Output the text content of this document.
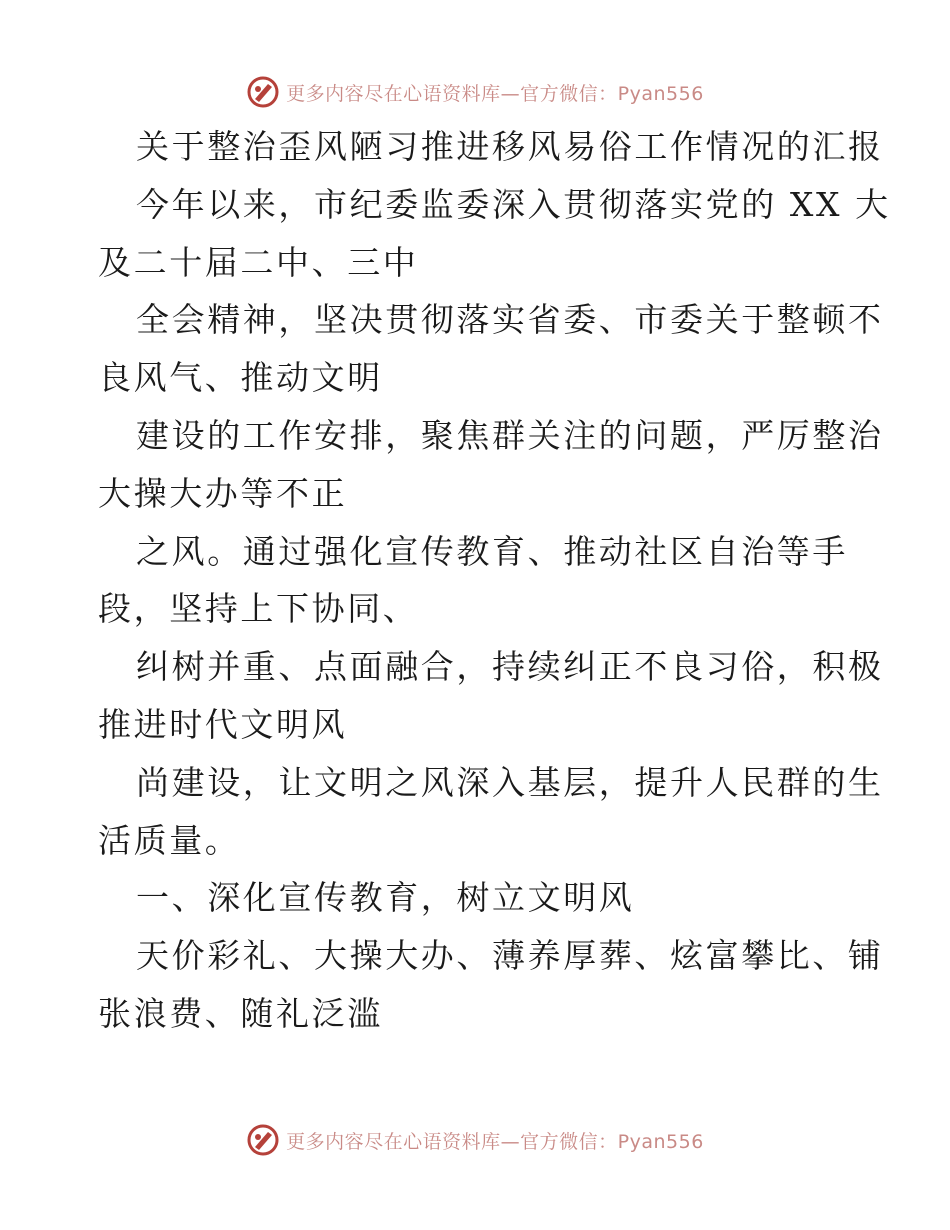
更多内容尽在心语资料库—官方微信：Pyan556
关于整治歪风陋习推进移风易俗工作情况的汇报
今年以来，市纪委监委深入贯彻落实党的 XX 大
及二十届二中、三中
全会精神，坚决贯彻落实省委、市委关于整顿不
良风气、推动文明
建设的工作安排，聚焦群关注的问题，严厉整治
大操大办等不正
之风。通过强化宣传教育、推动社区自治等手
段，坚持上下协同、
纠树并重、点面融合，持续纠正不良习俗，积极
推进时代文明风
尚建设，让文明之风深入基层，提升人民群的生
活质量。
一、深化宣传教育，树立文明风
天价彩礼、大操大办、薄养厚葬、炫富攀比、铺
张浪费、随礼泛滥
更多内容尽在心语资料库—官方微信：Pyan556
